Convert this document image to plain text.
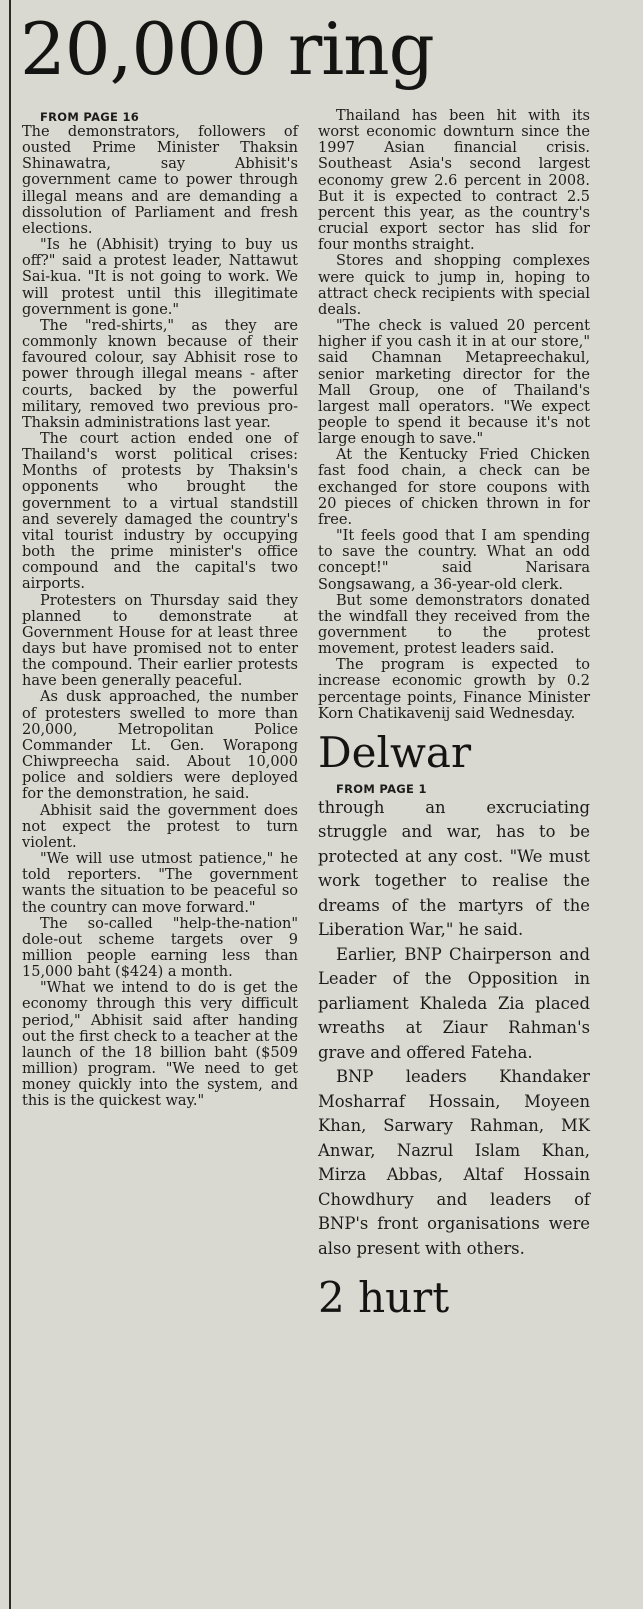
20,000 ring

FROM PAGE 16

The demonstrators, followers of ousted Prime Minister Thaksin Shinawatra, say Abhisit's government came to power through illegal means and are demanding a dissolution of Parliament and fresh elections.

"Is he (Abhisit) trying to buy us off?" said a protest leader, Nattawut Sai-kua. "It is not going to work. We will protest until this illegitimate government is gone."

The "red-shirts," as they are commonly known because of their favoured colour, say Abhisit rose to power through illegal means - after courts, backed by the powerful military, removed two previous pro-Thaksin administrations last year.

The court action ended one of Thailand's worst political crises: Months of protests by Thaksin's opponents who brought the government to a virtual standstill and severely damaged the country's vital tourist industry by occupying both the prime minister's office compound and the capital's two airports.

Protesters on Thursday said they planned to demonstrate at Government House for at least three days but have promised not to enter the compound. Their earlier protests have been generally peaceful.

As dusk approached, the number of protesters swelled to more than 20,000, Metropolitan Police Commander Lt. Gen. Worapong Chiwpreecha said. About 10,000 police and soldiers were deployed for the demonstration, he said.

Abhisit said the government does not expect the protest to turn violent.

"We will use utmost patience," he told reporters. "The government wants the situation to be peaceful so the country can move forward."

The so-called "help-the-nation" dole-out scheme targets over 9 million people earning less than 15,000 baht ($424) a month.

"What we intend to do is get the economy through this very difficult period," Abhisit said after handing out the first check to a teacher at the launch of the 18 billion baht ($509 million) program. "We need to get money quickly into the system, and this is the quickest way."

Thailand has been hit with its worst economic downturn since the 1997 Asian financial crisis. Southeast Asia's second largest economy grew 2.6 percent in 2008. But it is expected to contract 2.5 percent this year, as the country's crucial export sector has slid for four months straight.

Stores and shopping complexes were quick to jump in, hoping to attract check recipients with special deals.

"The check is valued 20 percent higher if you cash it in at our store," said Chamnan Metapreechakul, senior marketing director for the Mall Group, one of Thailand's largest mall operators. "We expect people to spend it because it's not large enough to save."

At the Kentucky Fried Chicken fast food chain, a check can be exchanged for store coupons with 20 pieces of chicken thrown in for free.

"It feels good that I am spending to save the country. What an odd concept!" said Narisara Songsawang, a 36-year-old clerk.

But some demonstrators donated the windfall they received from the government to the protest movement, protest leaders said.

The program is expected to increase economic growth by 0.2 percentage points, Finance Minister Korn Chatikavenij said Wednesday.

Delwar

FROM PAGE 1

through an excruciating struggle and war, has to be protected at any cost. "We must work together to realise the dreams of the martyrs of the Liberation War," he said.

Earlier, BNP Chairperson and Leader of the Opposition in parliament Khaleda Zia placed wreaths at Ziaur Rahman's grave and offered Fateha.

BNP leaders Khandaker Mosharraf Hossain, Moyeen Khan, Sarwary Rahman, MK Anwar, Nazrul Islam Khan, Mirza Abbas, Altaf Hossain Chowdhury and leaders of BNP's front organisations were also present with others.

2 hurt
